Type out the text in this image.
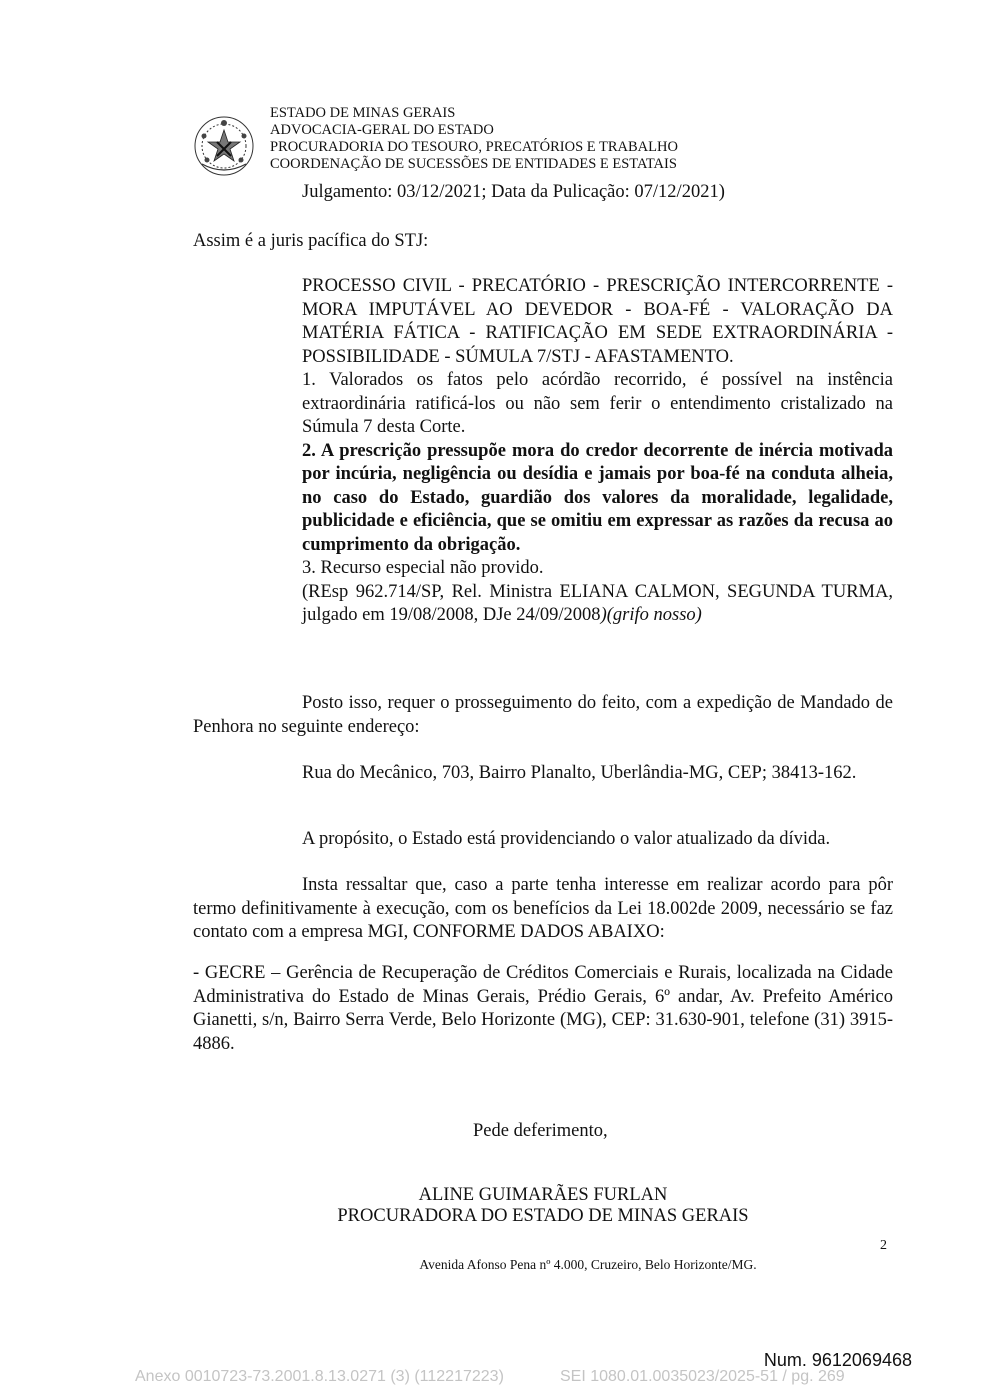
ESTADO DE MINAS GERAIS
ADVOCACIA-GERAL DO ESTADO
PROCURADORIA DO TESOURO, PRECATÓRIOS E TRABALHO
COORDENAÇÃO DE SUCESSÕES DE ENTIDADES E ESTATAIS
Julgamento: 03/12/2021; Data da Pulicação: 07/12/2021)
Assim é a juris pacífica do STJ:
PROCESSO CIVIL - PRECATÓRIO - PRESCRIÇÃO INTERCORRENTE - MORA IMPUTÁVEL AO DEVEDOR - BOA-FÉ - VALORAÇÃO DA MATÉRIA FÁTICA - RATIFICAÇÃO EM SEDE EXTRAORDINÁRIA - POSSIBILIDADE - SÚMULA 7/STJ - AFASTAMENTO.
1. Valorados os fatos pelo acórdão recorrido, é possível na instência extraordinária ratificá-los ou não sem ferir o entendimento cristalizado na Súmula 7 desta Corte.
2. A prescrição pressupõe mora do credor decorrente de inércia motivada por incúria, negligência ou desídia e jamais por boa-fé na conduta alheia, no caso do Estado, guardião dos valores da moralidade, legalidade, publicidade e eficiência, que se omitiu em expressar as razões da recusa ao cumprimento da obrigação.
3. Recurso especial não provido.
(REsp 962.714/SP, Rel. Ministra ELIANA CALMON, SEGUNDA TURMA, julgado em 19/08/2008, DJe 24/09/2008)(grifo nosso)
Posto isso, requer o prosseguimento do feito, com a expedição de Mandado de Penhora no seguinte endereço:
Rua do Mecânico, 703, Bairro Planalto, Uberlândia-MG, CEP; 38413-162.
A propósito, o Estado está providenciando o valor atualizado da dívida.
Insta ressaltar que, caso a parte tenha interesse em realizar acordo para pôr termo definitivamente à execução, com os benefícios da Lei 18.002de 2009, necessário se faz contato com a empresa MGI, CONFORME DADOS ABAIXO:
- GECRE – Gerência de Recuperação de Créditos Comerciais e Rurais, localizada na Cidade Administrativa do Estado de Minas Gerais, Prédio Gerais, 6º andar, Av. Prefeito Américo Gianetti, s/n, Bairro Serra Verde, Belo Horizonte (MG), CEP: 31.630-901, telefone (31) 3915-4886.
Pede deferimento,
ALINE GUIMARÃES FURLAN
PROCURADORA DO ESTADO DE MINAS GERAIS
2
Avenida Afonso Pena nº 4.000, Cruzeiro, Belo Horizonte/MG.
Num. 9612069468
Anexo 0010723-73.2001.8.13.0271 (3) (112217223)	SEI 1080.01.0035023/2025-51 / pg. 269
